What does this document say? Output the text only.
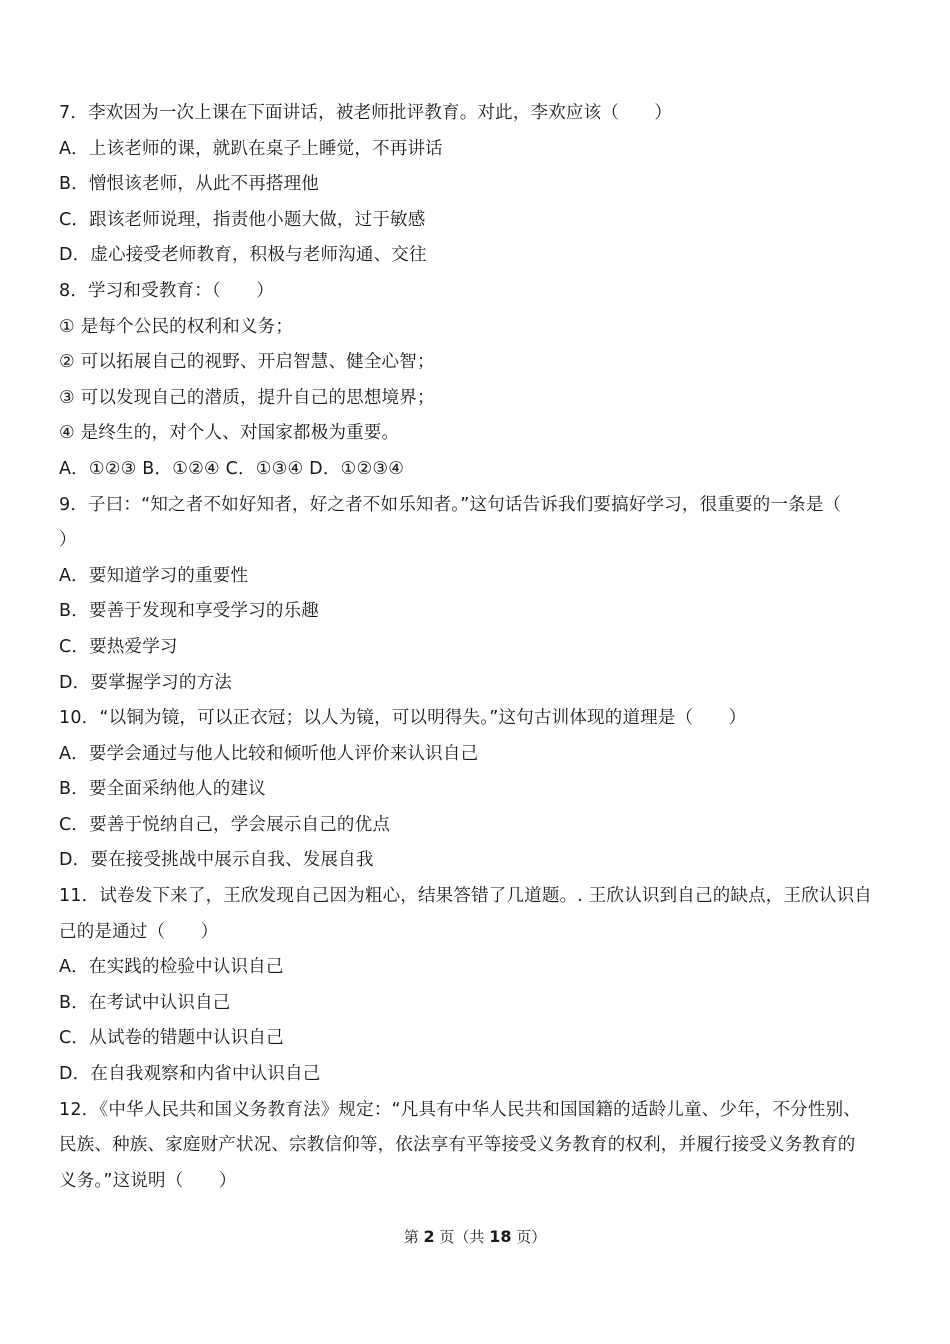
7．李欢因为一次上课在下面讲话，被老师批评教育。对此，李欢应该（　　）
A．上该老师的课，就趴在桌子上睡觉，不再讲话
B．憎恨该老师，从此不再搭理他
C．跟该老师说理，指责他小题大做，过于敏感
D．虚心接受老师教育，积极与老师沟通、交往
8．学习和受教育：（　　）
① 是每个公民的权利和义务；
② 可以拓展自己的视野、开启智慧、健全心智；
③ 可以发现自己的潜质，提升自己的思想境界；
④ 是终生的，对个人、对国家都极为重要。
A．①②③ B．①②④ C．①③④ D．①②③④
9．子曰：“知之者不如好知者，好之者不如乐知者。”这句话告诉我们要搞好学习，很重要的一条是（
）
A．要知道学习的重要性
B．要善于发现和享受学习的乐趣
C．要热爱学习
D．要掌握学习的方法
10．“以铜为镜，可以正衣冠；以人为镜，可以明得失。”这句古训体现的道理是（　　）
A．要学会通过与他人比较和倾听他人评价来认识自己
B．要全面采纳他人的建议
C．要善于悦纳自己，学会展示自己的优点
D．要在接受挑战中展示自我、发展自我
11．试卷发下来了，王欣发现自己因为粗心，结果答错了几道题。. 王欣认识到自己的缺点，王欣认识自
己的是通过（　　）
A．在实践的检验中认识自己
B．在考试中认识自己
C．从试卷的错题中认识自己
D．在自我观察和内省中认识自己
12．《中华人民共和国义务教育法》规定：“凡具有中华人民共和国国籍的适龄儿童、少年，不分性别、
民族、种族、家庭财产状况、宗教信仰等，依法享有平等接受义务教育的权利，并履行接受义务教育的
义务。”这说明（　　）
第 2 页（共 18 页）
